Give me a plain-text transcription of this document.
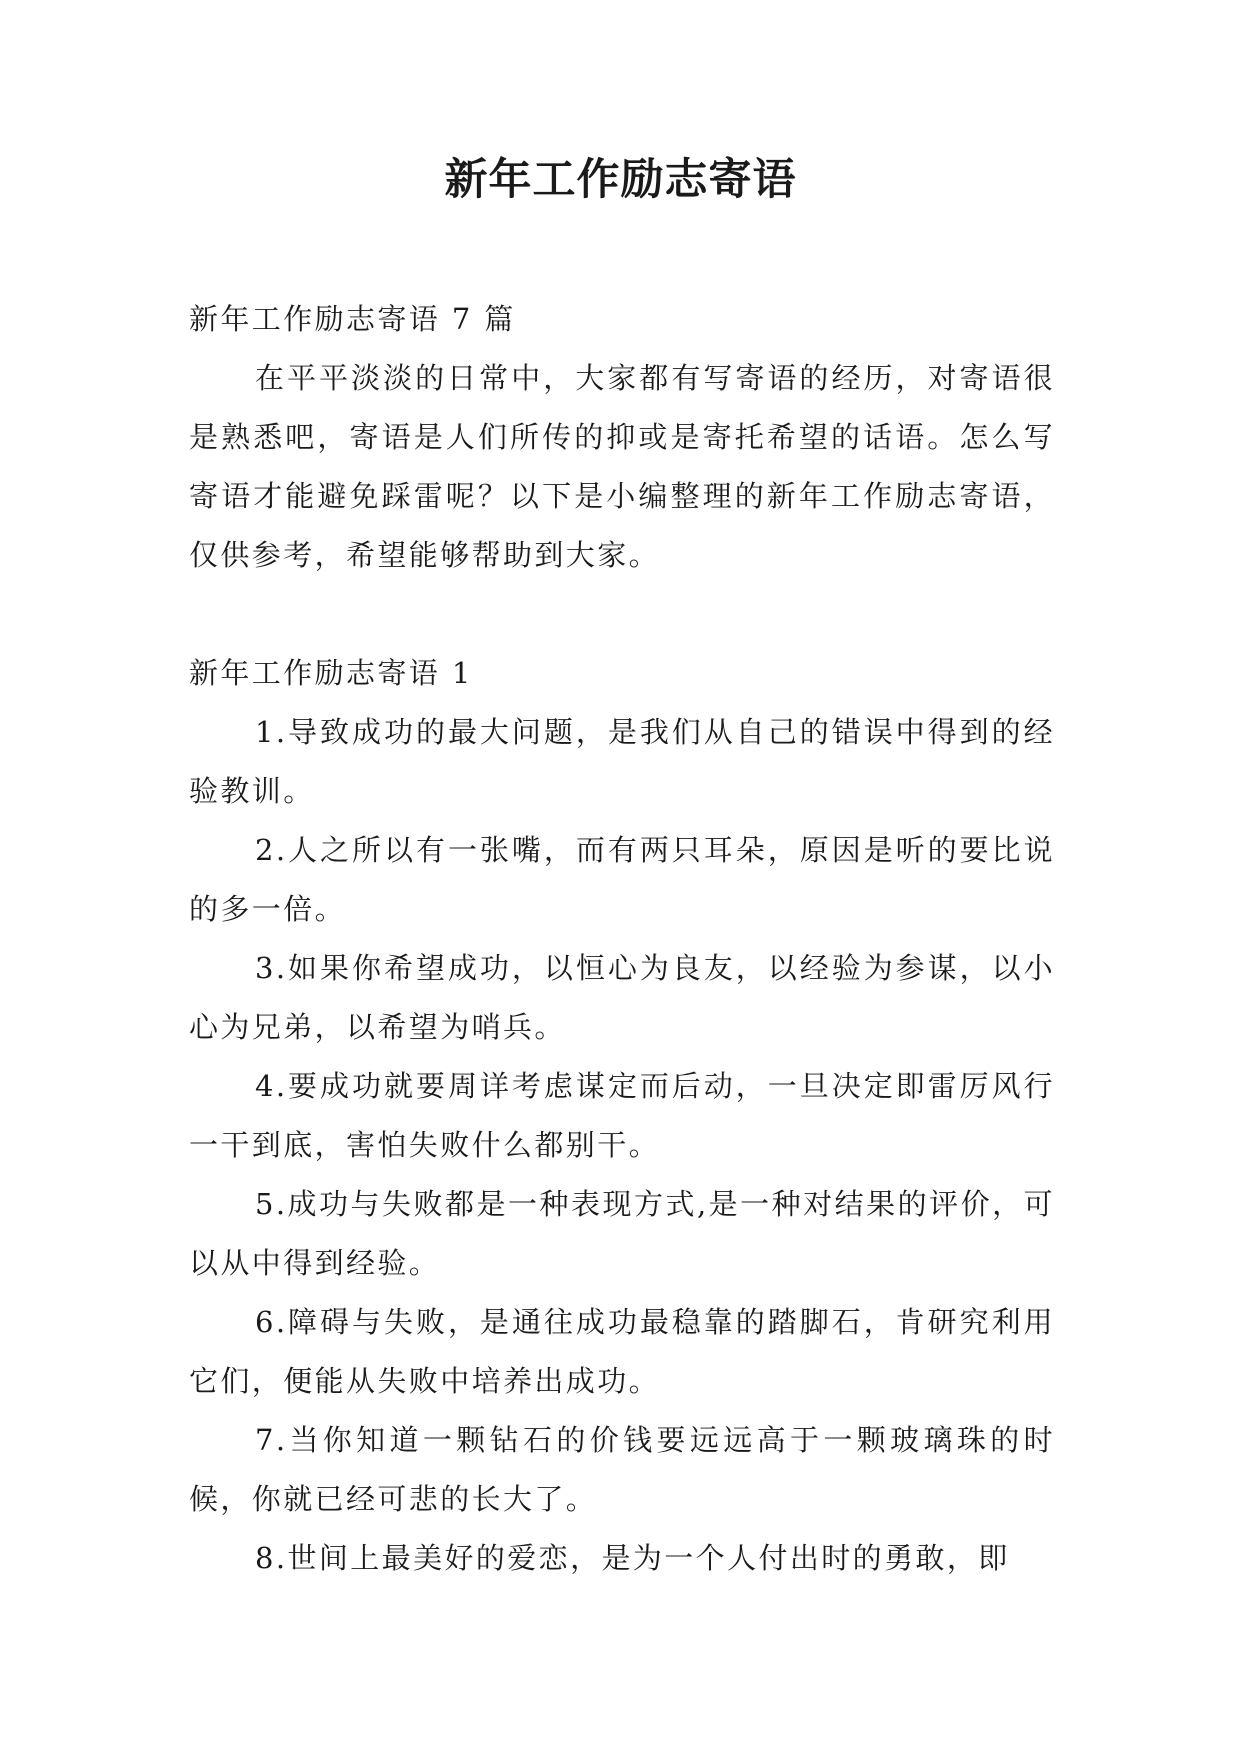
新年工作励志寄语

新年工作励志寄语 7 篇

在平平淡淡的日常中，大家都有写寄语的经历，对寄语很是熟悉吧，寄语是人们所传的抑或是寄托希望的话语。怎么写寄语才能避免踩雷呢？以下是小编整理的新年工作励志寄语，仅供参考，希望能够帮助到大家。

新年工作励志寄语 1

1.导致成功的最大问题，是我们从自己的错误中得到的经验教训。

2.人之所以有一张嘴，而有两只耳朵，原因是听的要比说的多一倍。

3.如果你希望成功，以恒心为良友，以经验为参谋，以小心为兄弟，以希望为哨兵。

4.要成功就要周详考虑谋定而后动，一旦决定即雷厉风行一干到底，害怕失败什么都别干。

5.成功与失败都是一种表现方式,是一种对结果的评价，可以从中得到经验。

6.障碍与失败，是通往成功最稳靠的踏脚石，肯研究利用它们，便能从失败中培养出成功。

7.当你知道一颗钻石的价钱要远远高于一颗玻璃珠的时候，你就已经可悲的长大了。

8.世间上最美好的爱恋，是为一个人付出时的勇敢，即
